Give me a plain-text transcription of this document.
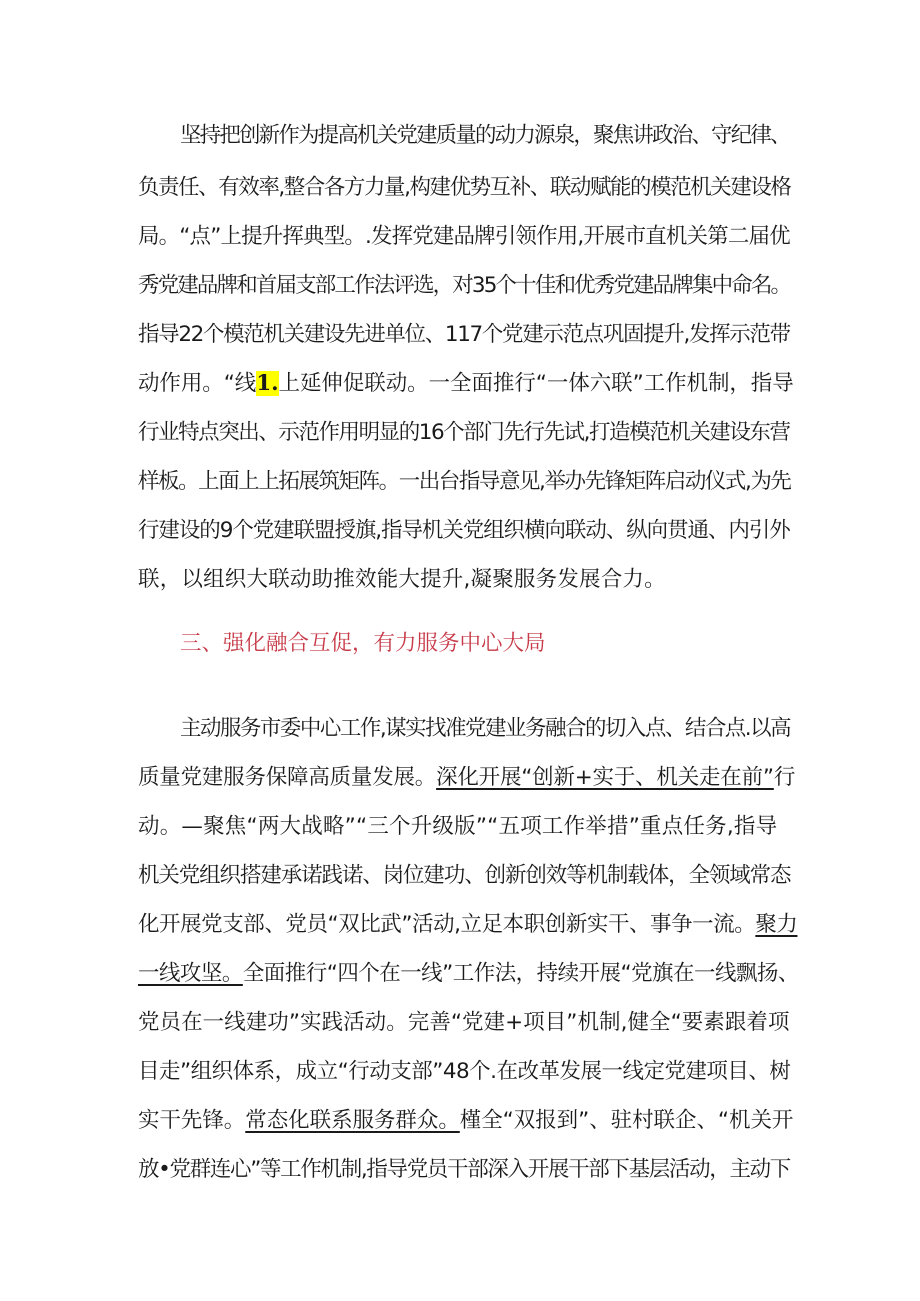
坚持把创新作为提高机关党建质量的动力源泉，聚焦讲政治、守纪律、
负责任、有效率,整合各方力量,构建优势互补、联动赋能的模范机关建设格
局。“点”上提升挥典型。.发挥党建品牌引领作用,开展市直机关第二届优
秀党建品牌和首届支部工作法评选，对35个十佳和优秀党建品牌集中命名。
指导22个模范机关建设先进单位、117个党建示范点巩固提升,发挥示范带
动作用。“线1.上延伸促联动。一全面推行“一体六联”工作机制，指导
行业特点突出、示范作用明显的16个部门先行先试,打造模范机关建设东营
样板。上面上上拓展筑矩阵。一出台指导意见,举办先锋矩阵启动仪式,为先
行建设的9个党建联盟授旗,指导机关党组织横向联动、纵向贯通、内引外
联，以组织大联动助推效能大提升,凝聚服务发展合力。
三、强化融合互促，有力服务中心大局
主动服务市委中心工作,谋实找准党建业务融合的切入点、结合点.以高
质量党建服务保障高质量发展。深化开展“创新+实于、机关走在前”行
动。—聚焦“两大战略”“三个升级版”“五项工作举措”重点任务,指导
机关党组织搭建承诺践诺、岗位建功、创新创效等机制载体，全领域常态
化开展党支部、党员“双比武”活动,立足本职创新实干、事争一流。聚力
一线攻坚。全面推行“四个在一线”工作法，持续开展“党旗在一线飘扬、
党员在一线建功”实践活动。完善“党建+项目”机制,健全“要素跟着项
目走”组织体系，成立“行动支部”48个.在改革发展一线定党建项目、树
实干先锋。常态化联系服务群众。槿全“双报到”、驻村联企、“机关开
放•党群连心”等工作机制,指导党员干部深入开展干部下基层活动，主动下
